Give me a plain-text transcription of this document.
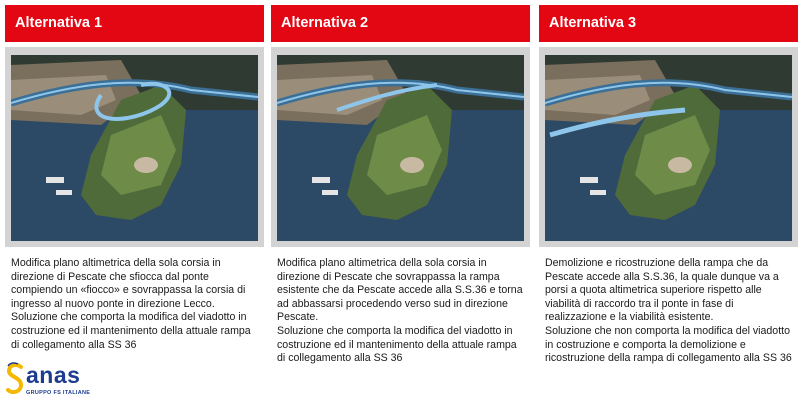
Alternativa 1

Modifica plano altimetrica della sola corsia in direzione di Pescate che sfiocca dal ponte compiendo un «fiocco» e sovrappassa la corsia di ingresso al nuovo ponte in direzione Lecco.

Soluzione che comporta la modifica del viadotto in costruzione ed il mantenimento della attuale rampa di collegamento alla SS 36

Alternativa 2

Modifica plano altimetrica della sola corsia in direzione di Pescate che sovrappassa la rampa esistente che da Pescate accede alla S.S.36 e torna ad abbassarsi procedendo verso sud in direzione Pescate.

Soluzione che comporta la modifica del viadotto in costruzione ed il mantenimento della attuale rampa di collegamento alla SS 36

Alternativa 3

Demolizione e ricostruzione della rampa che da Pescate accede alla S.S.36, la quale dunque va a porsi a quota altimetrica superiore rispetto alle viabilità di raccordo tra il ponte in fase di realizzazione e la viabilità esistente.

Soluzione che non comporta la modifica del viadotto in costruzione e comporta la demolizione e ricostruzione della rampa di collegamento alla SS 36

anas
GRUPPO FS ITALIANE
